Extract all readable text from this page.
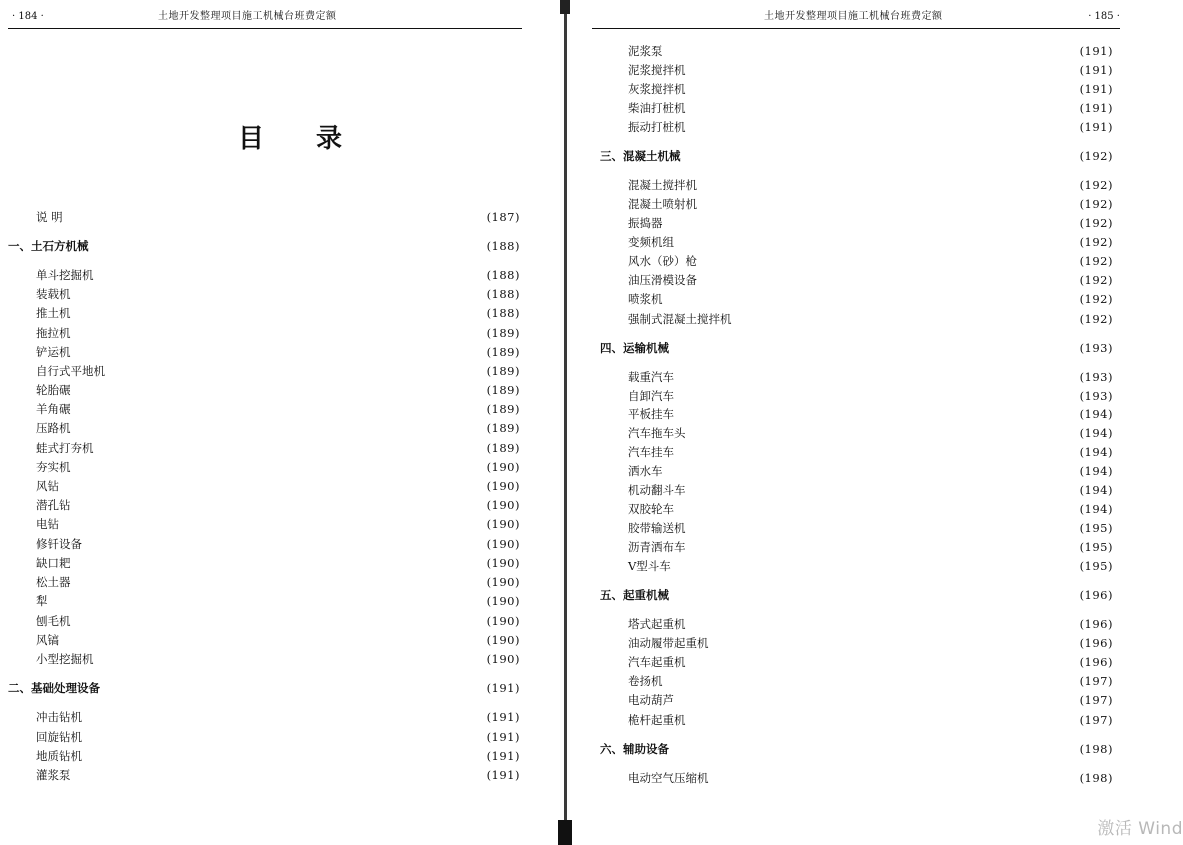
· 184 ·	土地开发整理项目施工机械台班费定额
目录
说 明	(187)
一、土石方机械	(188)
单斗挖掘机	(188)
装载机	(188)
推土机	(188)
拖拉机	(189)
铲运机	(189)
自行式平地机	(189)
轮胎碾	(189)
羊角碾	(189)
压路机	(189)
蛙式打夯机	(189)
夯实机	(190)
风钻	(190)
潜孔钻	(190)
电钻	(190)
修钎设备	(190)
缺口耙	(190)
松土器	(190)
犁	(190)
刨毛机	(190)
风镐	(190)
小型挖掘机	(190)
二、基础处理设备	(191)
冲击钻机	(191)
回旋钻机	(191)
地质钻机	(191)
灌浆泵	(191)
土地开发整理项目施工机械台班费定额	· 185 ·
泥浆泵	(191)
泥浆搅拌机	(191)
灰浆搅拌机	(191)
柴油打桩机	(191)
振动打桩机	(191)
三、混凝土机械	(192)
混凝土搅拌机	(192)
混凝土喷射机	(192)
振捣器	(192)
变频机组	(192)
风水（砂）枪	(192)
油压滑模设备	(192)
喷浆机	(192)
强制式混凝土搅拌机	(192)
四、运输机械	(193)
载重汽车	(193)
自卸汽车	(193)
平板挂车	(194)
汽车拖车头	(194)
汽车挂车	(194)
洒水车	(194)
机动翻斗车	(194)
双胶轮车	(194)
胶带输送机	(195)
沥青洒布车	(195)
V型斗车	(195)
五、起重机械	(196)
塔式起重机	(196)
油动履带起重机	(196)
汽车起重机	(196)
卷扬机	(197)
电动葫芦	(197)
桅杆起重机	(197)
六、辅助设备	(198)
电动空气压缩机	(198)
激活 Wind
